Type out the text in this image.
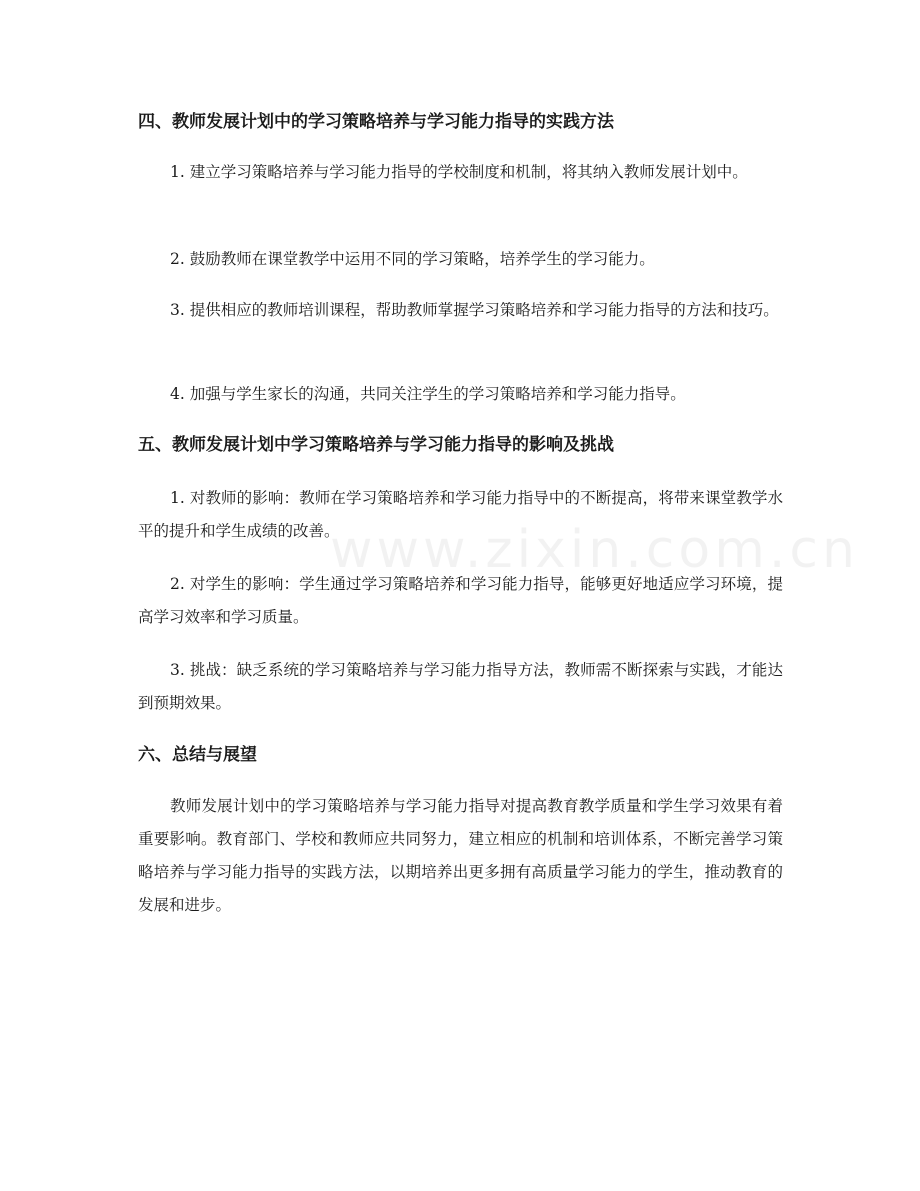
www.zixin.com.cn
四、教师发展计划中的学习策略培养与学习能力指导的实践方法

1. 建立学习策略培养与学习能力指导的学校制度和机制，将其纳入教师发展计划中。

2. 鼓励教师在课堂教学中运用不同的学习策略，培养学生的学习能力。

3. 提供相应的教师培训课程，帮助教师掌握学习策略培养和学习能力指导的方法和技巧。

4. 加强与学生家长的沟通，共同关注学生的学习策略培养和学习能力指导。

五、教师发展计划中学习策略培养与学习能力指导的影响及挑战

1. 对教师的影响：教师在学习策略培养和学习能力指导中的不断提高，将带来课堂教学水平的提升和学生成绩的改善。

2. 对学生的影响：学生通过学习策略培养和学习能力指导，能够更好地适应学习环境，提高学习效率和学习质量。

3. 挑战：缺乏系统的学习策略培养与学习能力指导方法，教师需不断探索与实践，才能达到预期效果。

六、总结与展望

教师发展计划中的学习策略培养与学习能力指导对提高教育教学质量和学生学习效果有着重要影响。教育部门、学校和教师应共同努力，建立相应的机制和培训体系，不断完善学习策略培养与学习能力指导的实践方法，以期培养出更多拥有高质量学习能力的学生，推动教育的发展和进步。
